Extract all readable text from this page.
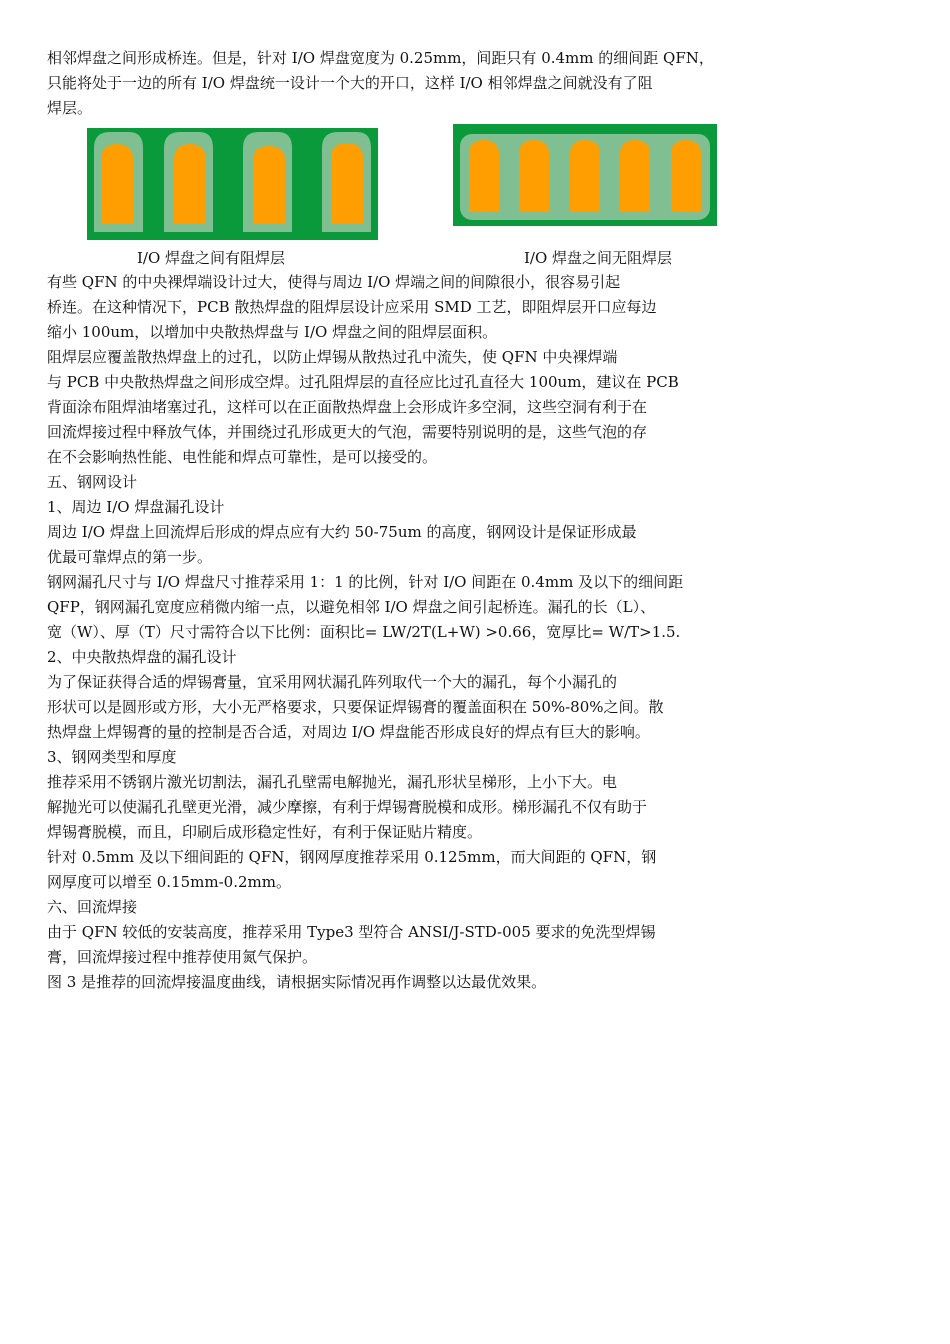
相邻焊盘之间形成桥连。但是，针对 I/O 焊盘宽度为 0.25mm，间距只有 0.4mm 的细间距 QFN，
只能将处于一边的所有 I/O 焊盘统一设计一个大的开口，这样 I/O 相邻焊盘之间就没有了阻
焊层。
I/O 焊盘之间有阻焊层	I/O 焊盘之间无阻焊层
有些 QFN 的中央裸焊端设计过大，使得与周边 I/O 焊端之间的间隙很小，很容易引起
桥连。在这种情况下，PCB 散热焊盘的阻焊层设计应采用 SMD 工艺，即阻焊层开口应每边
缩小 100um，以增加中央散热焊盘与 I/O 焊盘之间的阻焊层面积。
阻焊层应覆盖散热焊盘上的过孔，以防止焊锡从散热过孔中流失，使 QFN 中央裸焊端
与 PCB 中央散热焊盘之间形成空焊。过孔阻焊层的直径应比过孔直径大 100um，建议在 PCB
背面涂布阻焊油堵塞过孔，这样可以在正面散热焊盘上会形成许多空洞，这些空洞有利于在
回流焊接过程中释放气体，并围绕过孔形成更大的气泡，需要特别说明的是，这些气泡的存
在不会影响热性能、电性能和焊点可靠性，是可以接受的。
五、钢网设计
1、周边 I/O 焊盘漏孔设计
周边 I/O 焊盘上回流焊后形成的焊点应有大约 50-75um 的高度，钢网设计是保证形成最
优最可靠焊点的第一步。
钢网漏孔尺寸与 I/O 焊盘尺寸推荐采用 1：1 的比例，针对 I/O 间距在 0.4mm 及以下的细间距
QFP，钢网漏孔宽度应稍微内缩一点，以避免相邻 I/O 焊盘之间引起桥连。漏孔的长（L）、
宽（W）、厚（T）尺寸需符合以下比例：面积比= LW/2T(L+W) >0.66，宽厚比= W/T>1.5.
2、中央散热焊盘的漏孔设计
为了保证获得合适的焊锡膏量，宜采用网状漏孔阵列取代一个大的漏孔，每个小漏孔的
形状可以是圆形或方形，大小无严格要求，只要保证焊锡膏的覆盖面积在 50%-80%之间。散
热焊盘上焊锡膏的量的控制是否合适，对周边 I/O 焊盘能否形成良好的焊点有巨大的影响。
3、钢网类型和厚度
推荐采用不锈钢片激光切割法，漏孔孔壁需电解抛光，漏孔形状呈梯形，上小下大。电
解抛光可以使漏孔孔壁更光滑，减少摩擦，有利于焊锡膏脱模和成形。梯形漏孔不仅有助于
焊锡膏脱模，而且，印刷后成形稳定性好，有利于保证贴片精度。
针对 0.5mm 及以下细间距的 QFN，钢网厚度推荐采用 0.125mm，而大间距的 QFN，钢
网厚度可以增至 0.15mm-0.2mm。
六、回流焊接
由于 QFN 较低的安装高度，推荐采用 Type3 型符合 ANSI/J-STD-005 要求的免洗型焊锡
膏，回流焊接过程中推荐使用氮气保护。
图 3 是推荐的回流焊接温度曲线，请根据实际情况再作调整以达最优效果。
